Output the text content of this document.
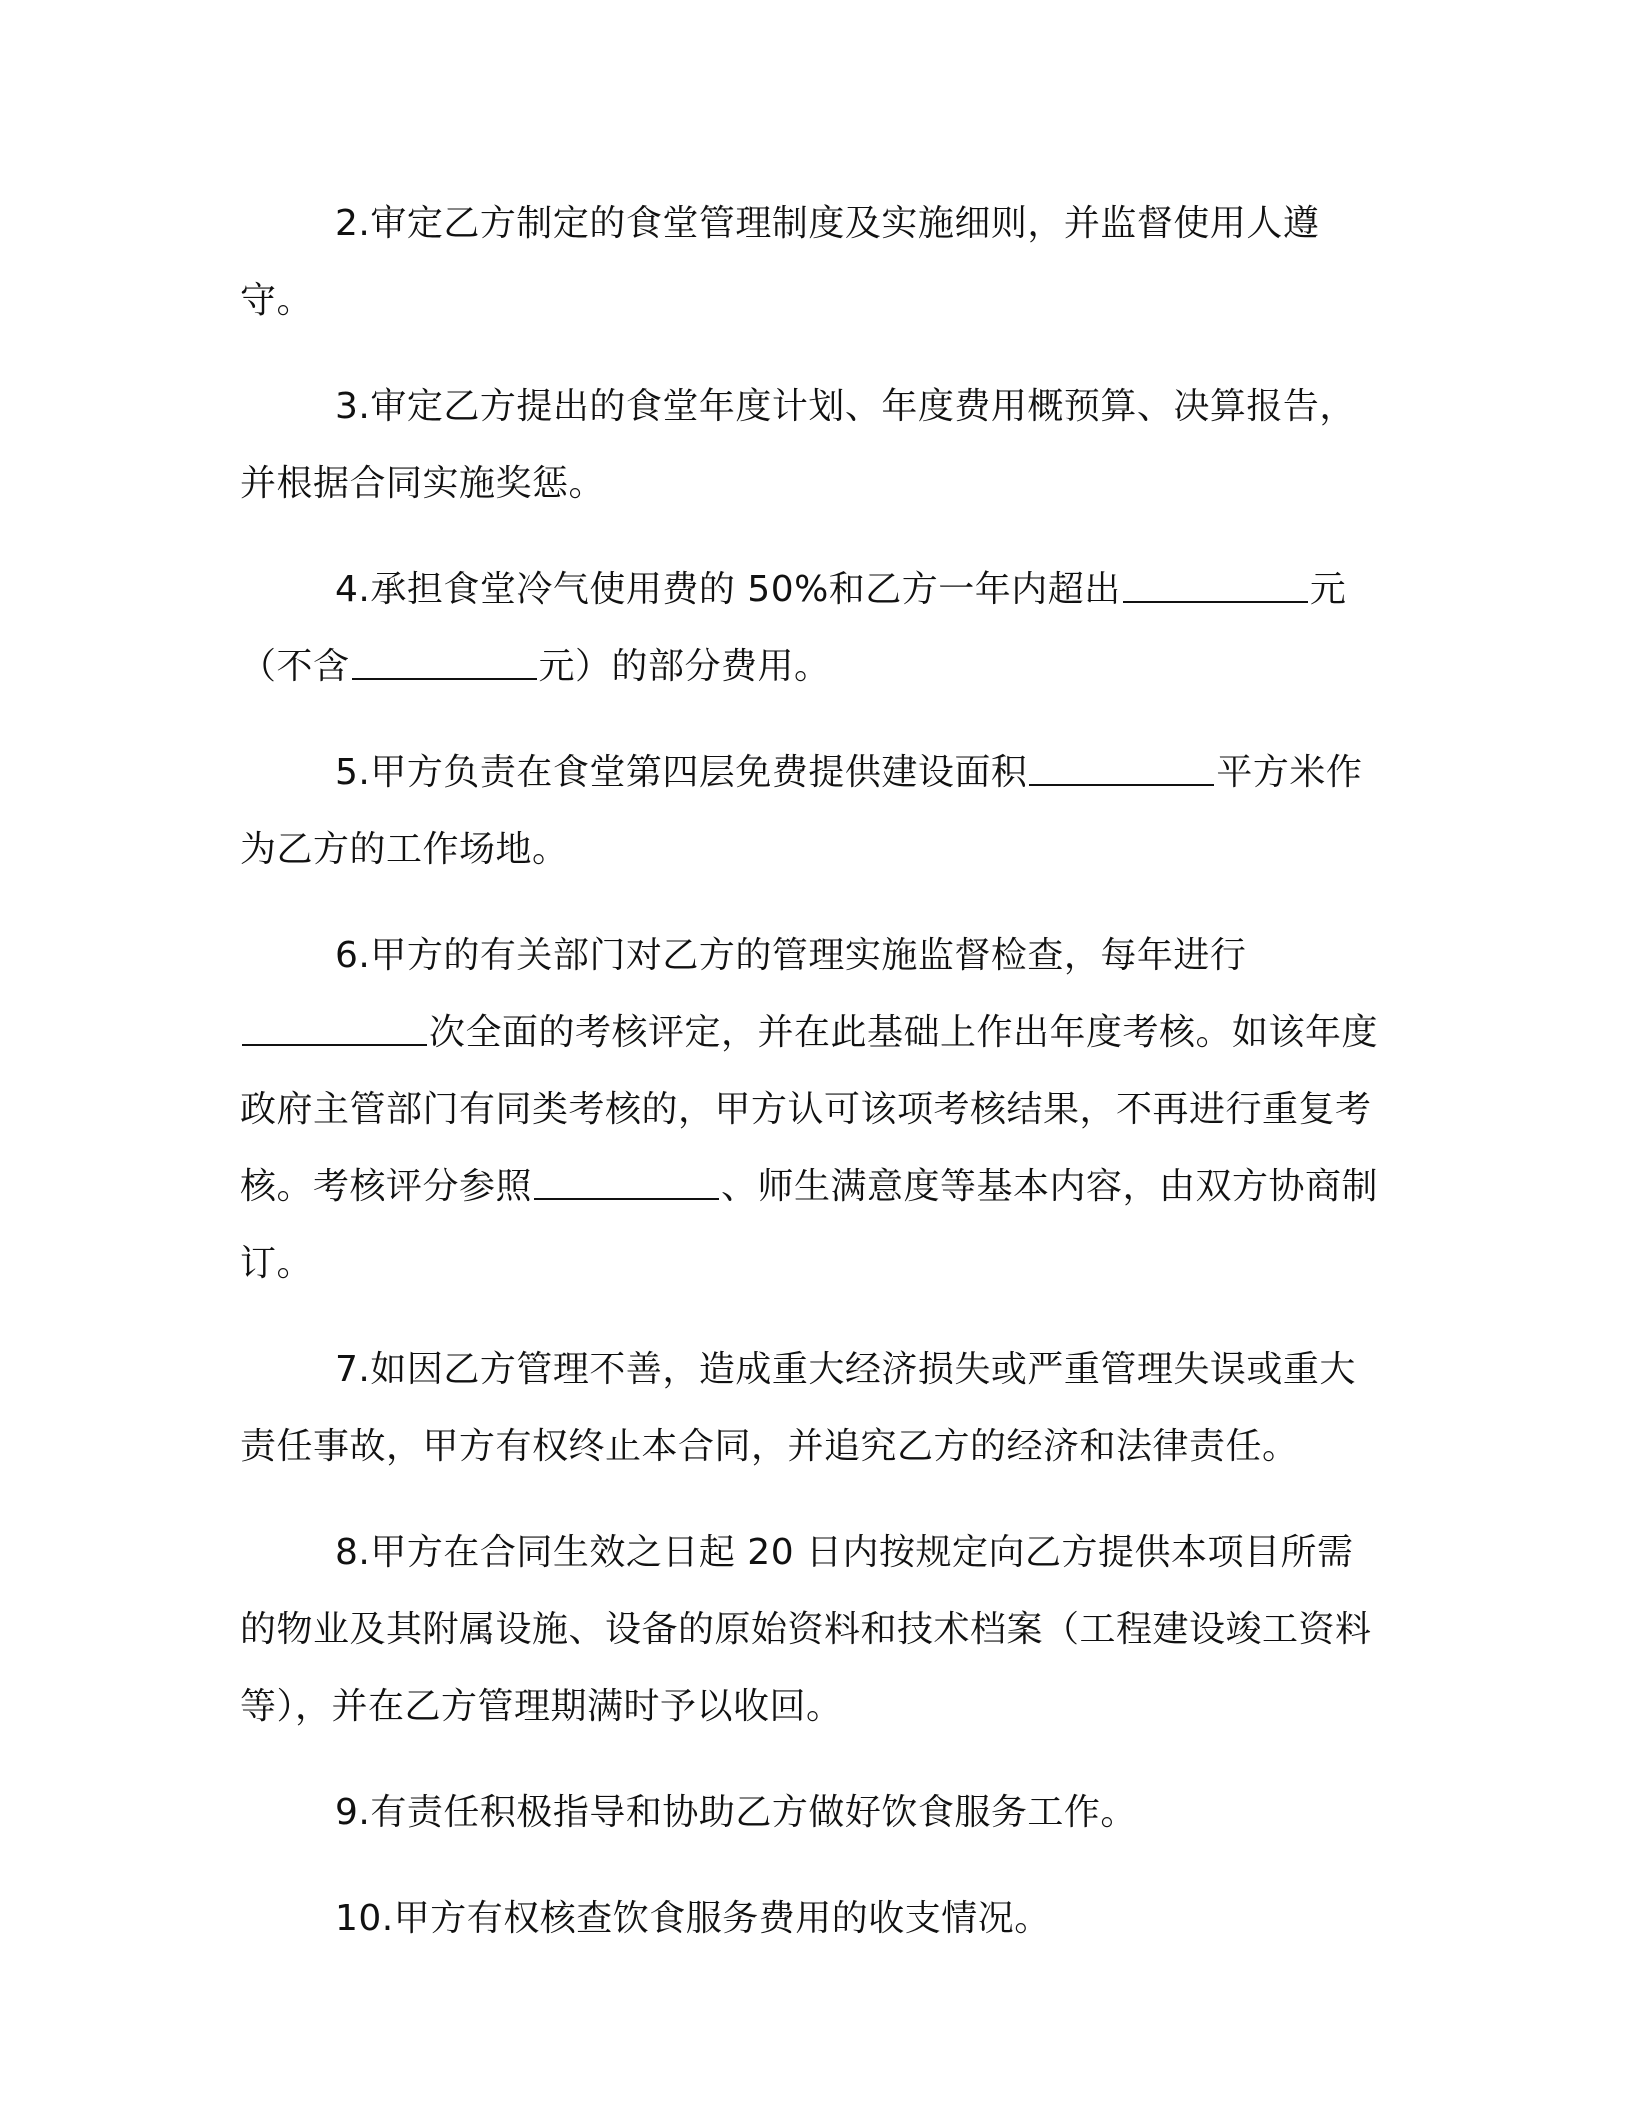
2.审定乙方制定的食堂管理制度及实施细则，并监督使用人遵守。

3.审定乙方提出的食堂年度计划、年度费用概预算、决算报告，并根据合同实施奖惩。

4.承担食堂冷气使用费的 50%和乙方一年内超出	元（不含	元）的部分费用。

5.甲方负责在食堂第四层免费提供建设面积	平方米作为乙方的工作场地。

6.甲方的有关部门对乙方的管理实施监督检查，每年进行次全面的考核评定，并在此基础上作出年度考核。如该年度政府主管部门有同类考核的，甲方认可该项考核结果，不再进行重复考核。考核评分参照	、师生满意度等基本内容，由双方协商制订。

7.如因乙方管理不善，造成重大经济损失或严重管理失误或重大责任事故，甲方有权终止本合同，并追究乙方的经济和法律责任。

8.甲方在合同生效之日起 20 日内按规定向乙方提供本项目所需的物业及其附属设施、设备的原始资料和技术档案（工程建设竣工资料等），并在乙方管理期满时予以收回。

9.有责任积极指导和协助乙方做好饮食服务工作。

10.甲方有权核查饮食服务费用的收支情况。
